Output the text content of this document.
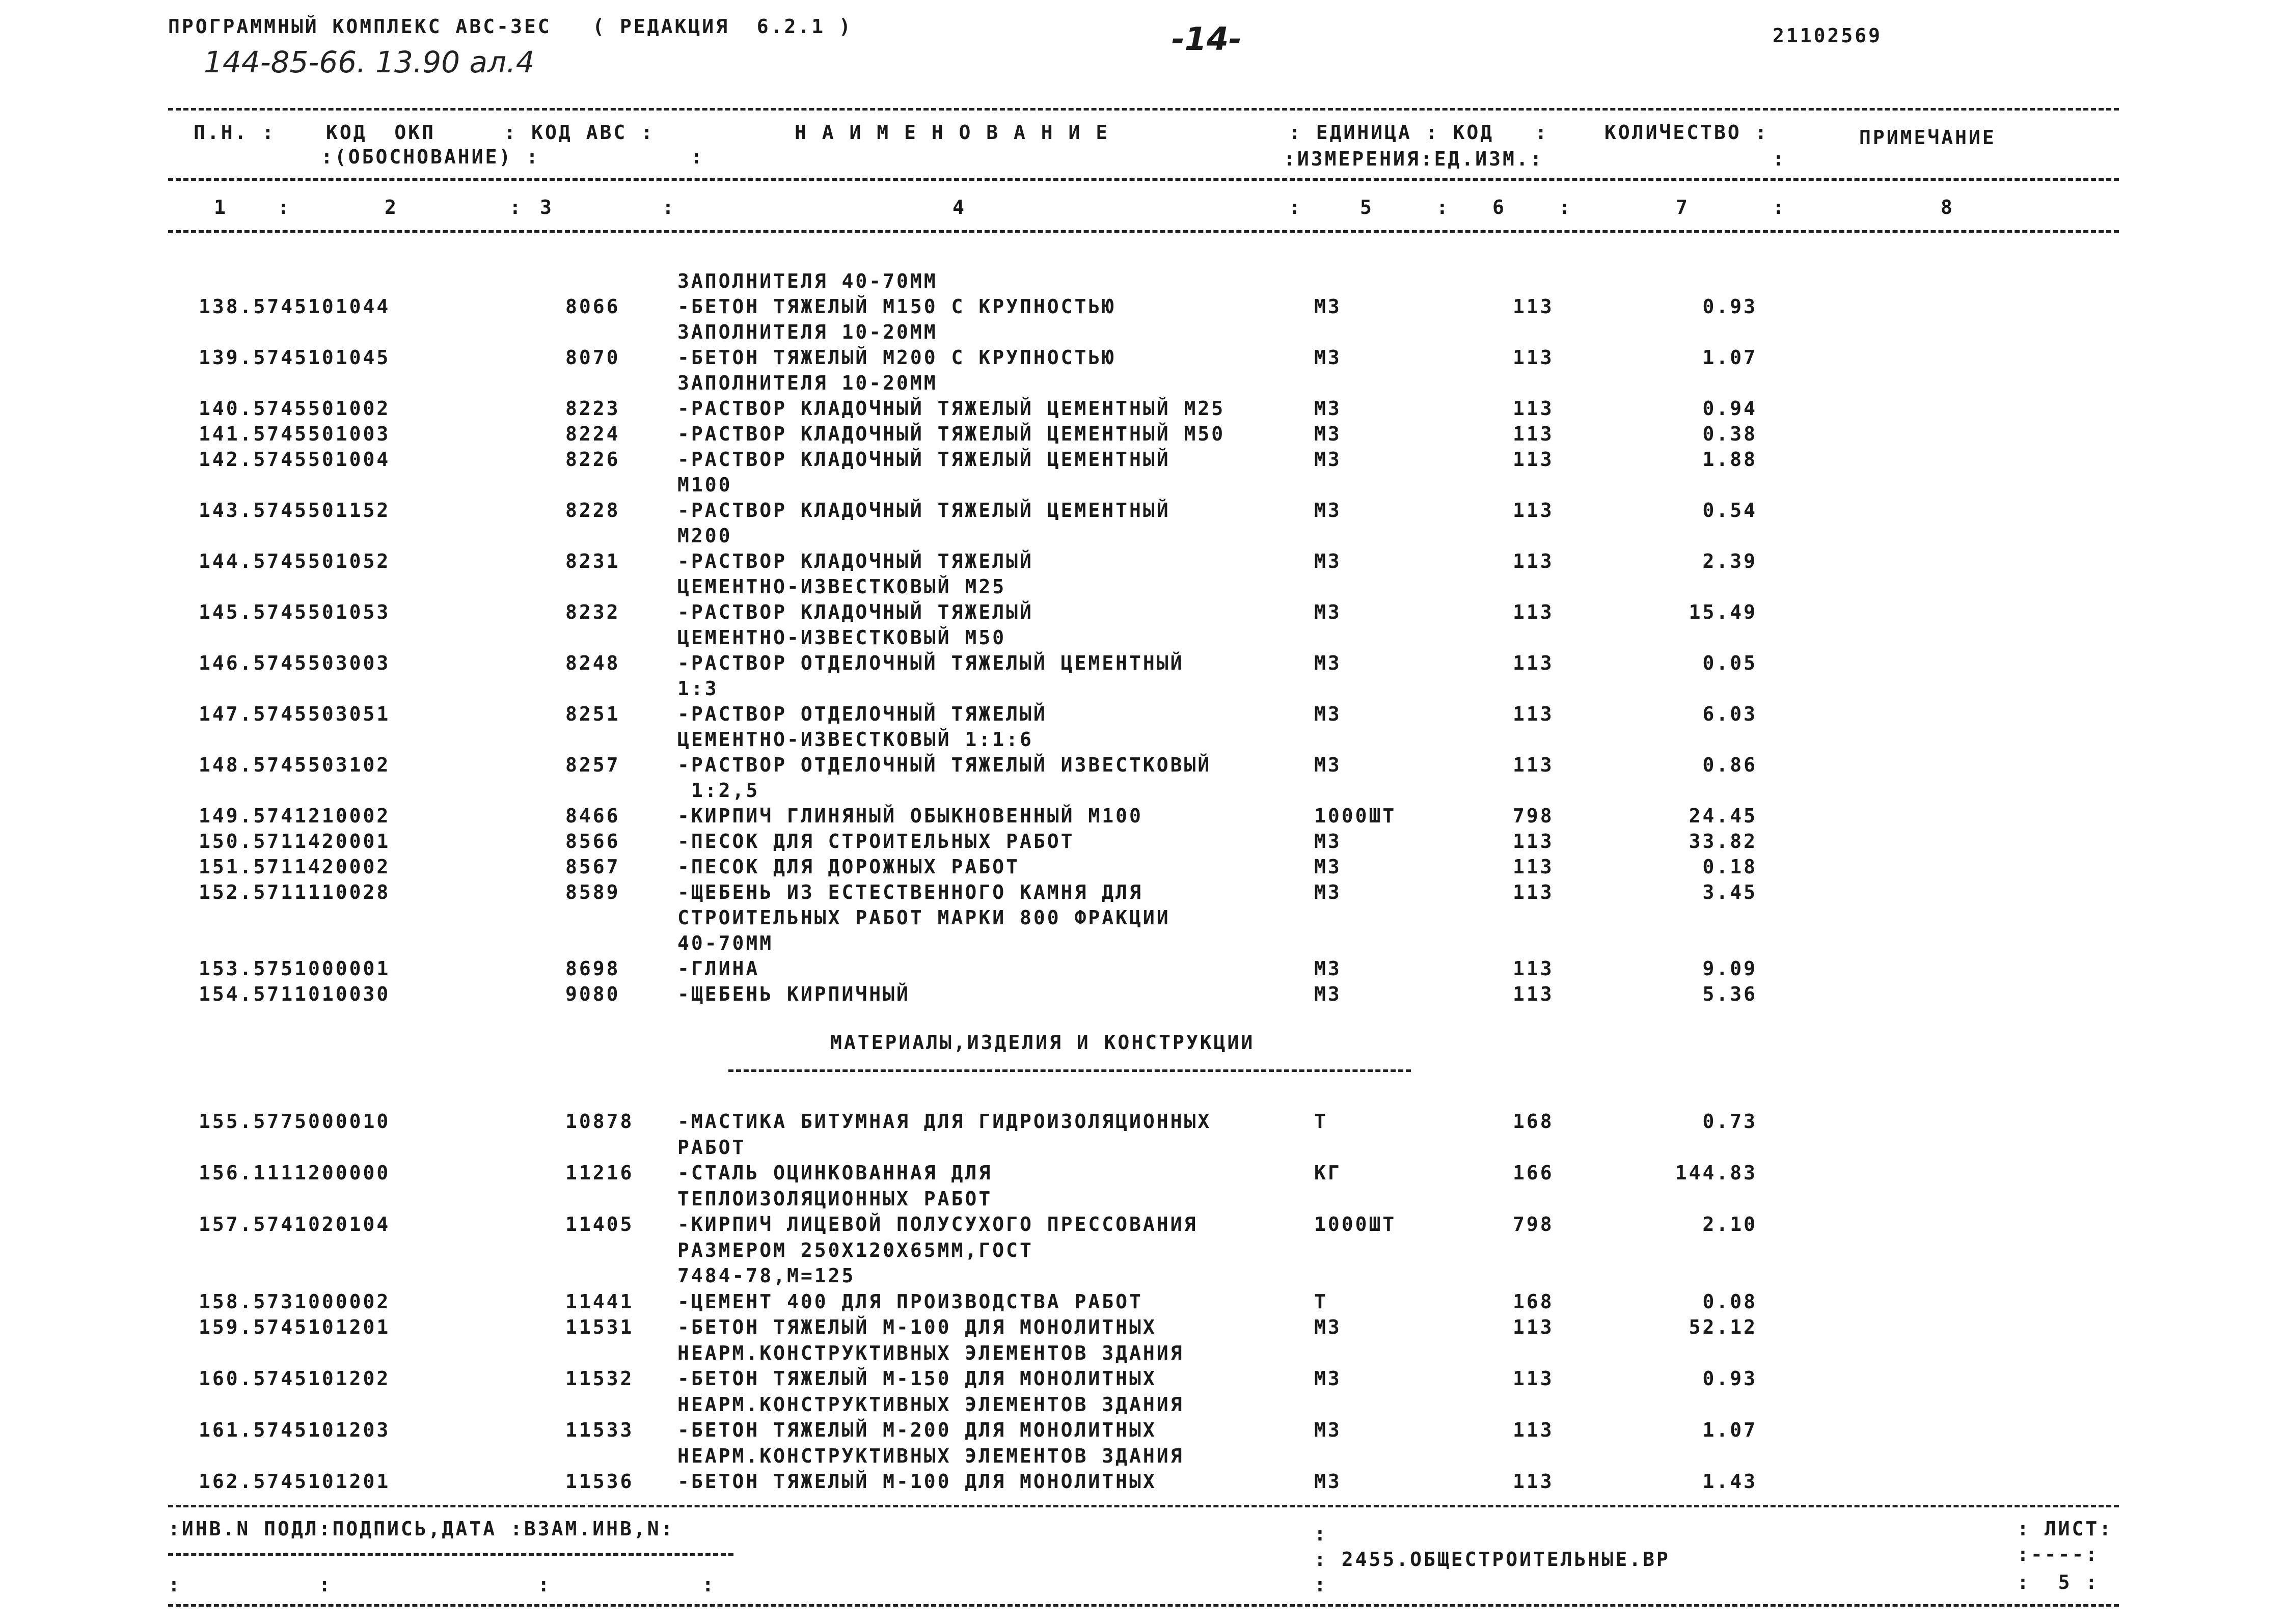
ПРОГРАММНЫЙ КОМПЛЕКС АВС-3ЕС   ( РЕДАКЦИЯ  6.2.1 )
144-85-66. 13.90 ал.4
-14-	21102569
П.Н. :	КОД  ОКП     : КОД АВС :	Н А И М Е Н О В А Н И Е	: ЕДИНИЦА : КОД   :	КОЛИЧЕСТВО :	ПРИМЕЧАНИЕ
:(ОБОСНОВАНИЕ) :           :	:ИЗМЕРЕНИЯ:ЕД.ИЗМ.:	:
1	:	2	: 3	:	4	:	5	: 6	:	7	:	8
ЗАПОЛНИТЕЛЯ 40-70ММ
138.5745101044	8066	-БЕТОН ТЯЖЕЛЫЙ М150 С КРУПНОСТЬЮ	М3	113	0.93
ЗАПОЛНИТЕЛЯ 10-20ММ
139.5745101045	8070	-БЕТОН ТЯЖЕЛЫЙ М200 С КРУПНОСТЬЮ	М3	113	1.07
ЗАПОЛНИТЕЛЯ 10-20ММ
140.5745501002	8223	-РАСТВОР КЛАДОЧНЫЙ ТЯЖЕЛЫЙ ЦЕМЕНТНЫЙ М25	М3	113	0.94
141.5745501003	8224	-РАСТВОР КЛАДОЧНЫЙ ТЯЖЕЛЫЙ ЦЕМЕНТНЫЙ М50	М3	113	0.38
142.5745501004	8226	-РАСТВОР КЛАДОЧНЫЙ ТЯЖЕЛЫЙ ЦЕМЕНТНЫЙ	М3	113	1.88
М100
143.5745501152	8228	-РАСТВОР КЛАДОЧНЫЙ ТЯЖЕЛЫЙ ЦЕМЕНТНЫЙ	М3	113	0.54
М200
144.5745501052	8231	-РАСТВОР КЛАДОЧНЫЙ ТЯЖЕЛЫЙ	М3	113	2.39
ЦЕМЕНТНО-ИЗВЕСТКОВЫЙ М25
145.5745501053	8232	-РАСТВОР КЛАДОЧНЫЙ ТЯЖЕЛЫЙ	М3	113	15.49
ЦЕМЕНТНО-ИЗВЕСТКОВЫЙ М50
146.5745503003	8248	-РАСТВОР ОТДЕЛОЧНЫЙ ТЯЖЕЛЫЙ ЦЕМЕНТНЫЙ	М3	113	0.05
1:3
147.5745503051	8251	-РАСТВОР ОТДЕЛОЧНЫЙ ТЯЖЕЛЫЙ	М3	113	6.03
ЦЕМЕНТНО-ИЗВЕСТКОВЫЙ 1:1:6
148.5745503102	8257	-РАСТВОР ОТДЕЛОЧНЫЙ ТЯЖЕЛЫЙ ИЗВЕСТКОВЫЙ	М3	113	0.86
1:2,5
149.5741210002	8466	-КИРПИЧ ГЛИНЯНЫЙ ОБЫКНОВЕННЫЙ М100	1000ШТ	798	24.45
150.5711420001	8566	-ПЕСОК ДЛЯ СТРОИТЕЛЬНЫХ РАБОТ	М3	113	33.82
151.5711420002	8567	-ПЕСОК ДЛЯ ДОРОЖНЫХ РАБОТ	М3	113	0.18
152.5711110028	8589	-ЩЕБЕНЬ ИЗ ЕСТЕСТВЕННОГО КАМНЯ ДЛЯ	М3	113	3.45
СТРОИТЕЛЬНЫХ РАБОТ МАРКИ 800 ФРАКЦИИ
40-70ММ
153.5751000001	8698	-ГЛИНА	М3	113	9.09
154.5711010030	9080	-ЩЕБЕНЬ КИРПИЧНЫЙ	М3	113	5.36
МАТЕРИАЛЫ,ИЗДЕЛИЯ И КОНСТРУКЦИИ
155.5775000010	10878 -МАСТИКА БИТУМНАЯ ДЛЯ ГИДРОИЗОЛЯЦИОННЫХ	Т	168	0.73
РАБОТ
156.1111200000	11216 -СТАЛЬ ОЦИНКОВАННАЯ ДЛЯ	КГ	166	144.83
ТЕПЛОИЗОЛЯЦИОННЫХ РАБОТ
157.5741020104	11405 -КИРПИЧ ЛИЦЕВОЙ ПОЛУСУХОГО ПРЕССОВАНИЯ	1000ШТ	798	2.10
РАЗМЕРОМ 250Х120Х65ММ,ГОСТ
7484-78,М=125
158.5731000002	11441 -ЦЕМЕНТ 400 ДЛЯ ПРОИЗВОДСТВА РАБОТ	Т	168	0.08
159.5745101201	11531 -БЕТОН ТЯЖЕЛЫЙ М-100 ДЛЯ МОНОЛИТНЫХ	М3	113	52.12
НЕАРМ.КОНСТРУКТИВНЫХ ЭЛЕМЕНТОВ ЗДАНИЯ
160.5745101202	11532 -БЕТОН ТЯЖЕЛЫЙ М-150 ДЛЯ МОНОЛИТНЫХ	М3	113	0.93
НЕАРМ.КОНСТРУКТИВНЫХ ЭЛЕМЕНТОВ ЗДАНИЯ
161.5745101203	11533 -БЕТОН ТЯЖЕЛЫЙ М-200 ДЛЯ МОНОЛИТНЫХ	М3	113	1.07
НЕАРМ.КОНСТРУКТИВНЫХ ЭЛЕМЕНТОВ ЗДАНИЯ
162.5745101201	11536 -БЕТОН ТЯЖЕЛЫЙ М-100 ДЛЯ МОНОЛИТНЫХ	М3	113	1.43
:ИНВ.N ПОДЛ:ПОДПИСЬ,ДАТА :ВЗАМ.ИНВ,N:
:          :               :           :
:
: 2455.ОБЩЕСТРОИТЕЛЬНЫЕ.ВР
:
: ЛИСТ:
:----:
:  5 :
